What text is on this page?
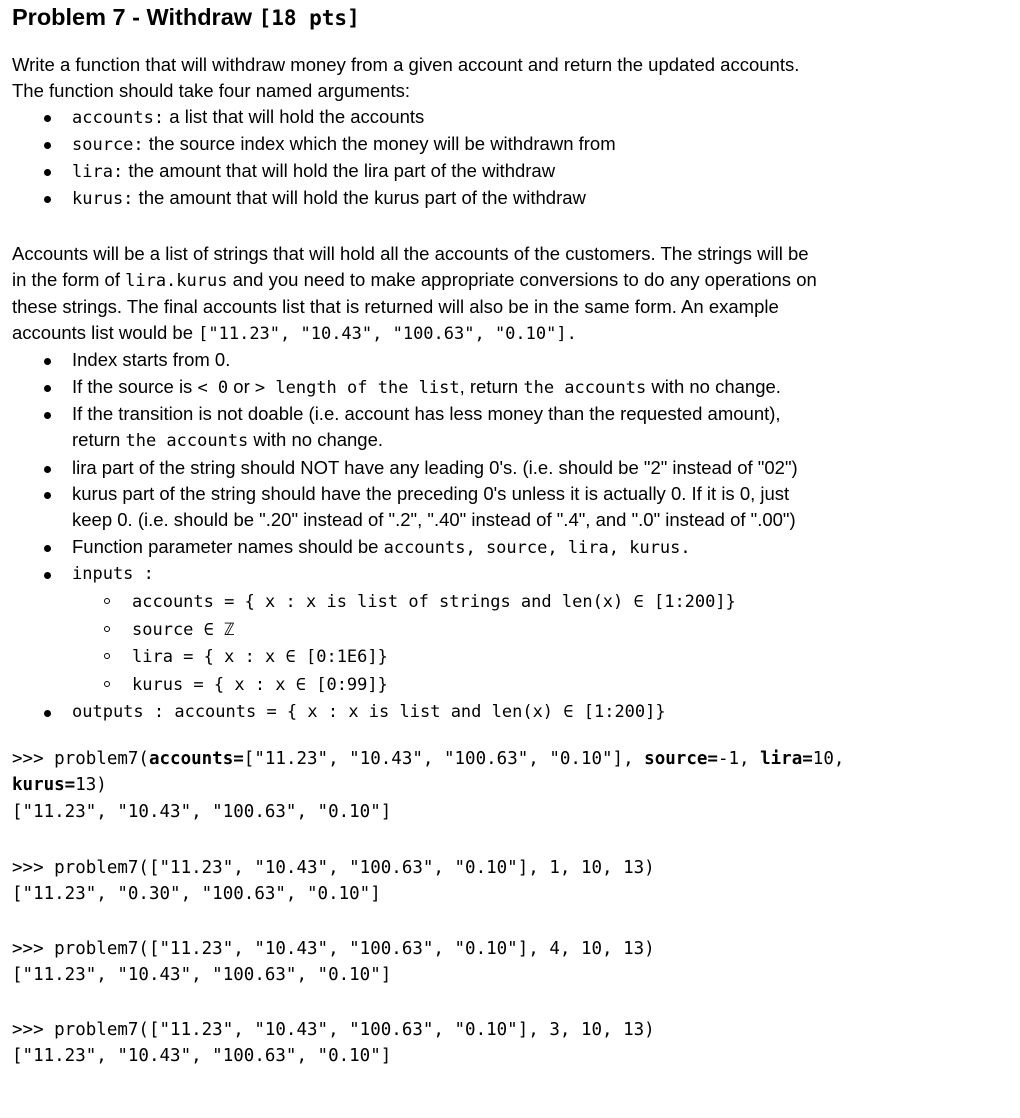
Problem 7 - Withdraw [18 pts]
Write a function that will withdraw money from a given account and return the updated accounts.
The function should take four named arguments:
accounts: a list that will hold the accounts
source: the source index which the money will be withdrawn from
lira: the amount that will hold the lira part of the withdraw
kurus: the amount that will hold the kurus part of the withdraw
Accounts will be a list of strings that will hold all the accounts of the customers. The strings will be
in the form of lira.kurus and you need to make appropriate conversions to do any operations on
these strings. The final accounts list that is returned will also be in the same form. An example
accounts list would be ["11.23", "10.43", "100.63", "0.10"].
Index starts from 0.
If the source is < 0 or > length of the list, return the accounts with no change.
If the transition is not doable (i.e. account has less money than the requested amount),
return the accounts with no change.
lira part of the string should NOT have any leading 0's. (i.e. should be "2" instead of "02")
kurus part of the string should have the preceding 0's unless it is actually 0. If it is 0, just
keep 0. (i.e. should be ".20" instead of ".2", ".40" instead of ".4", and ".0" instead of ".00")
Function parameter names should be accounts, source, lira, kurus.
inputs :
accounts = { x : x is list of strings and len(x) ∈ [1:200]}
source ∈ ℤ
lira = { x : x ∈ [0:1E6]}
kurus = { x : x ∈ [0:99]}
outputs : accounts = { x : x is list and len(x) ∈ [1:200]}
>>> problem7(accounts=["11.23", "10.43", "100.63", "0.10"], source=-1, lira=10,
kurus=13)
["11.23", "10.43", "100.63", "0.10"]
>>> problem7(["11.23", "10.43", "100.63", "0.10"], 1, 10, 13)
["11.23", "0.30", "100.63", "0.10"]
>>> problem7(["11.23", "10.43", "100.63", "0.10"], 4, 10, 13)
["11.23", "10.43", "100.63", "0.10"]
>>> problem7(["11.23", "10.43", "100.63", "0.10"], 3, 10, 13)
["11.23", "10.43", "100.63", "0.10"]
